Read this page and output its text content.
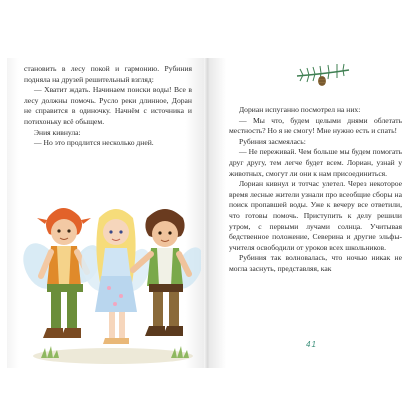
становить в лесу покой и гармонию. Рубиния подняла на друзей решительный взгляд:

— Хватит ждать. Начинаем поиски воды! Все в лесу должны помочь. Русло реки длинное, Доран не справится в одиночку. Начнём с источника и потихоньку всё обыщем.

Эния кивнула:

— Но это продлится несколько дней.

Дориан испуганно посмотрел на них:

— Мы что, будем целыми днями облетать местность? Но я не смогу! Мне нужно есть и спать!

Рубиния засмеялась:

— Не переживай. Чем больше мы будем помогать друг другу, тем легче будет всем. Лориан, узнай у животных, смогут ли они к нам присоединиться.

Лориан кивнул и тотчас улетел. Через некоторое время лесные жители узнали про всеобщие сборы на поиск пропавшей воды. Уже к вечеру все ответили, что готовы помочь. Приступить к делу решили утром, с первыми лучами солнца. Учитывая бедственное положение, Северина и другие эльфы-учителя освободили от уроков всех школьников.

Рубиния так волновалась, что ночью никак не могла заснуть, представляя, как

41
